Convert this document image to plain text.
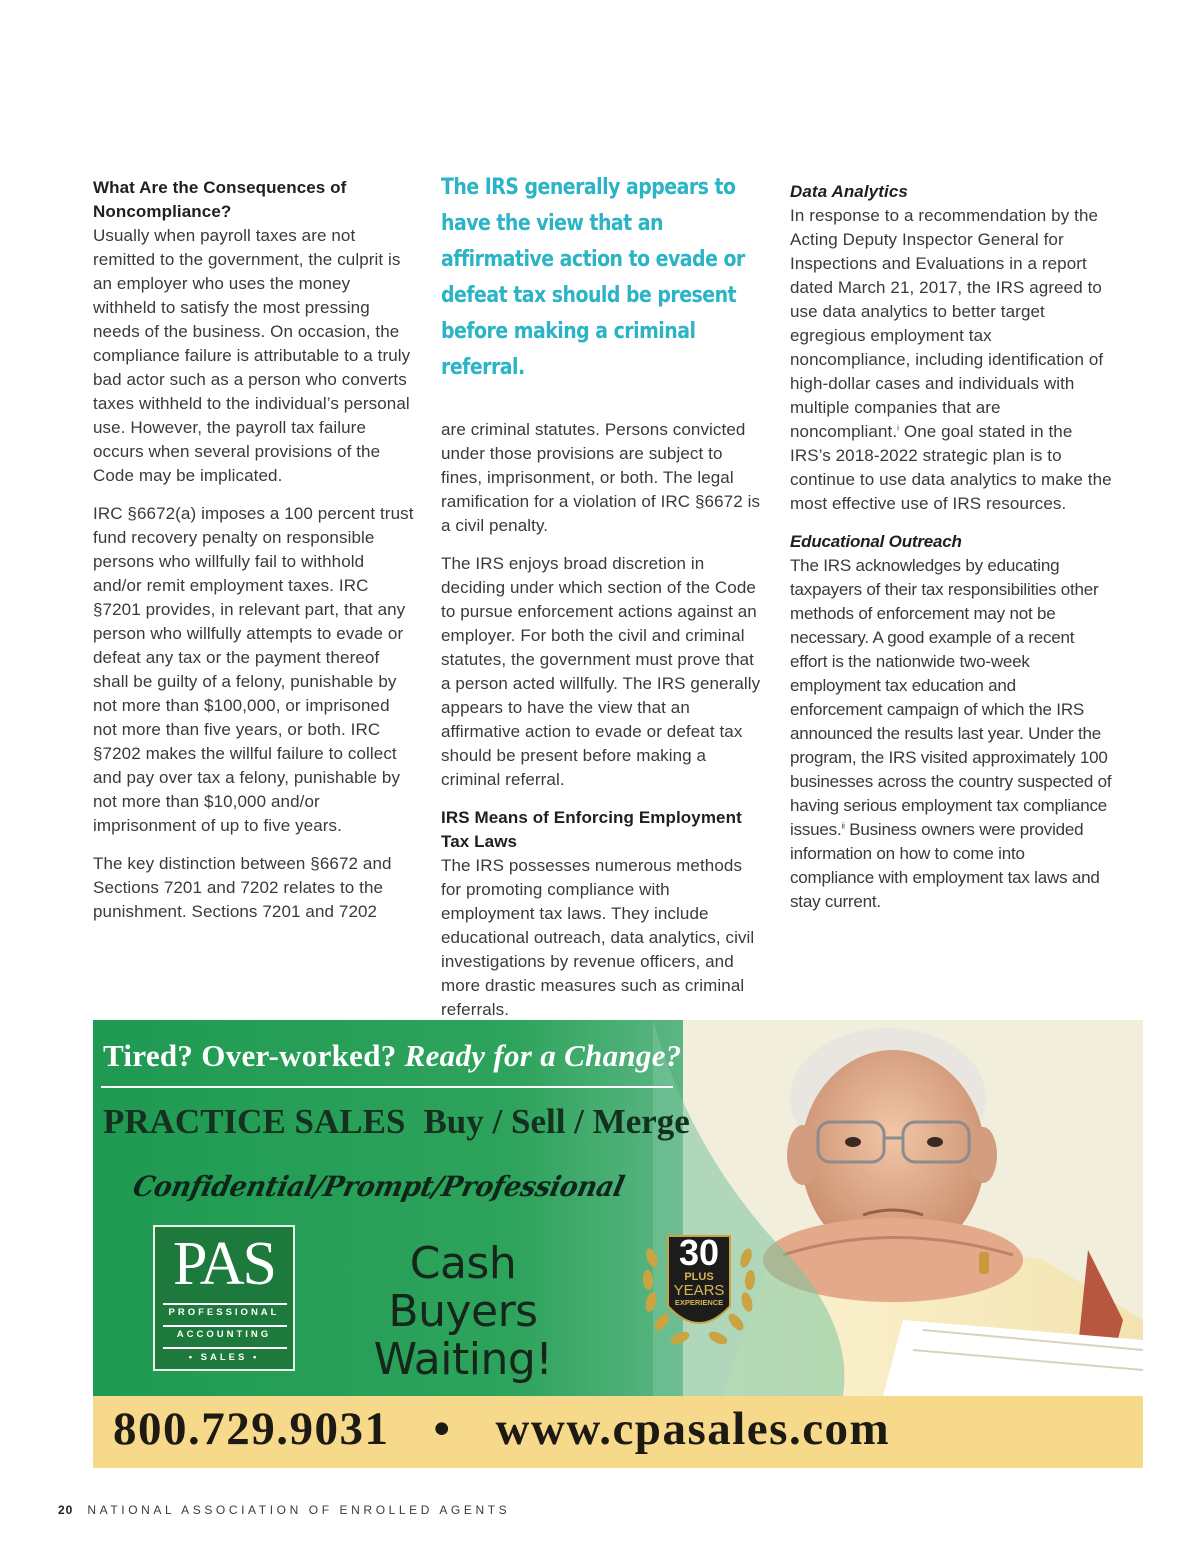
What Are the Consequences of Noncompliance?
Usually when payroll taxes are not remitted to the government, the culprit is an employer who uses the money withheld to satisfy the most pressing needs of the business. On occasion, the compliance failure is attributable to a truly bad actor such as a person who converts taxes withheld to the individual’s personal use. However, the payroll tax failure occurs when several provisions of the Code may be implicated.

IRC §6672(a) imposes a 100 percent trust fund recovery penalty on responsible persons who willfully fail to withhold and/or remit employment taxes. IRC §7201 provides, in relevant part, that any person who willfully attempts to evade or defeat any tax or the payment thereof shall be guilty of a felony, punishable by not more than $100,000, or imprisoned not more than five years, or both. IRC §7202 makes the willful failure to collect and pay over tax a felony, punishable by not more than $10,000 and/or imprisonment of up to five years.

The key distinction between §6672 and Sections 7201 and 7202 relates to the punishment. Sections 7201 and 7202

The IRS generally appears to have the view that an affirmative action to evade or defeat tax should be present before making a criminal referral.

are criminal statutes. Persons convicted under those provisions are subject to fines, imprisonment, or both. The legal ramification for a violation of IRC §6672 is a civil penalty.

The IRS enjoys broad discretion in deciding under which section of the Code to pursue enforcement actions against an employer. For both the civil and criminal statutes, the government must prove that a person acted willfully. The IRS generally appears to have the view that an affirmative action to evade or defeat tax should be present before making a criminal referral.

IRS Means of Enforcing Employment Tax Laws
The IRS possesses numerous methods for promoting compliance with employment tax laws. They include educational outreach, data analytics, civil investigations by revenue officers, and more drastic measures such as criminal referrals.

Data Analytics
In response to a recommendation by the Acting Deputy Inspector General for Inspections and Evaluations in a report dated March 21, 2017, the IRS agreed to use data analytics to better target egregious employment tax noncompliance, including identification of high-dollar cases and individuals with multiple companies that are noncompliant.$^i$ One goal stated in the IRS’s 2018-2022 strategic plan is to continue to use data analytics to make the most effective use of IRS resources.

Educational Outreach
The IRS acknowledges by educating taxpayers of their tax responsibilities other methods of enforcement may not be necessary. A good example of a recent effort is the nationwide two-week employment tax education and enforcement campaign of which the IRS announced the results last year. Under the program, the IRS visited approximately 100 businesses across the country suspected of having serious employment tax compliance issues.$^{ii}$ Business owners were provided information on how to come into compliance with employment tax laws and stay current.

Tired? Over-worked? Ready for a Change?
PRACTICE SALES Buy / Sell / Merge
Confidential/Prompt/Professional
PAS
PROFESSIONAL
ACCOUNTING
• SALES •
Cash Buyers
Waiting!
30
PLUS
YEARS
EXPERIENCE
800.729.9031 • www.cpasales.com
20 NATIONAL ASSOCIATION OF ENROLLED AGENTS
